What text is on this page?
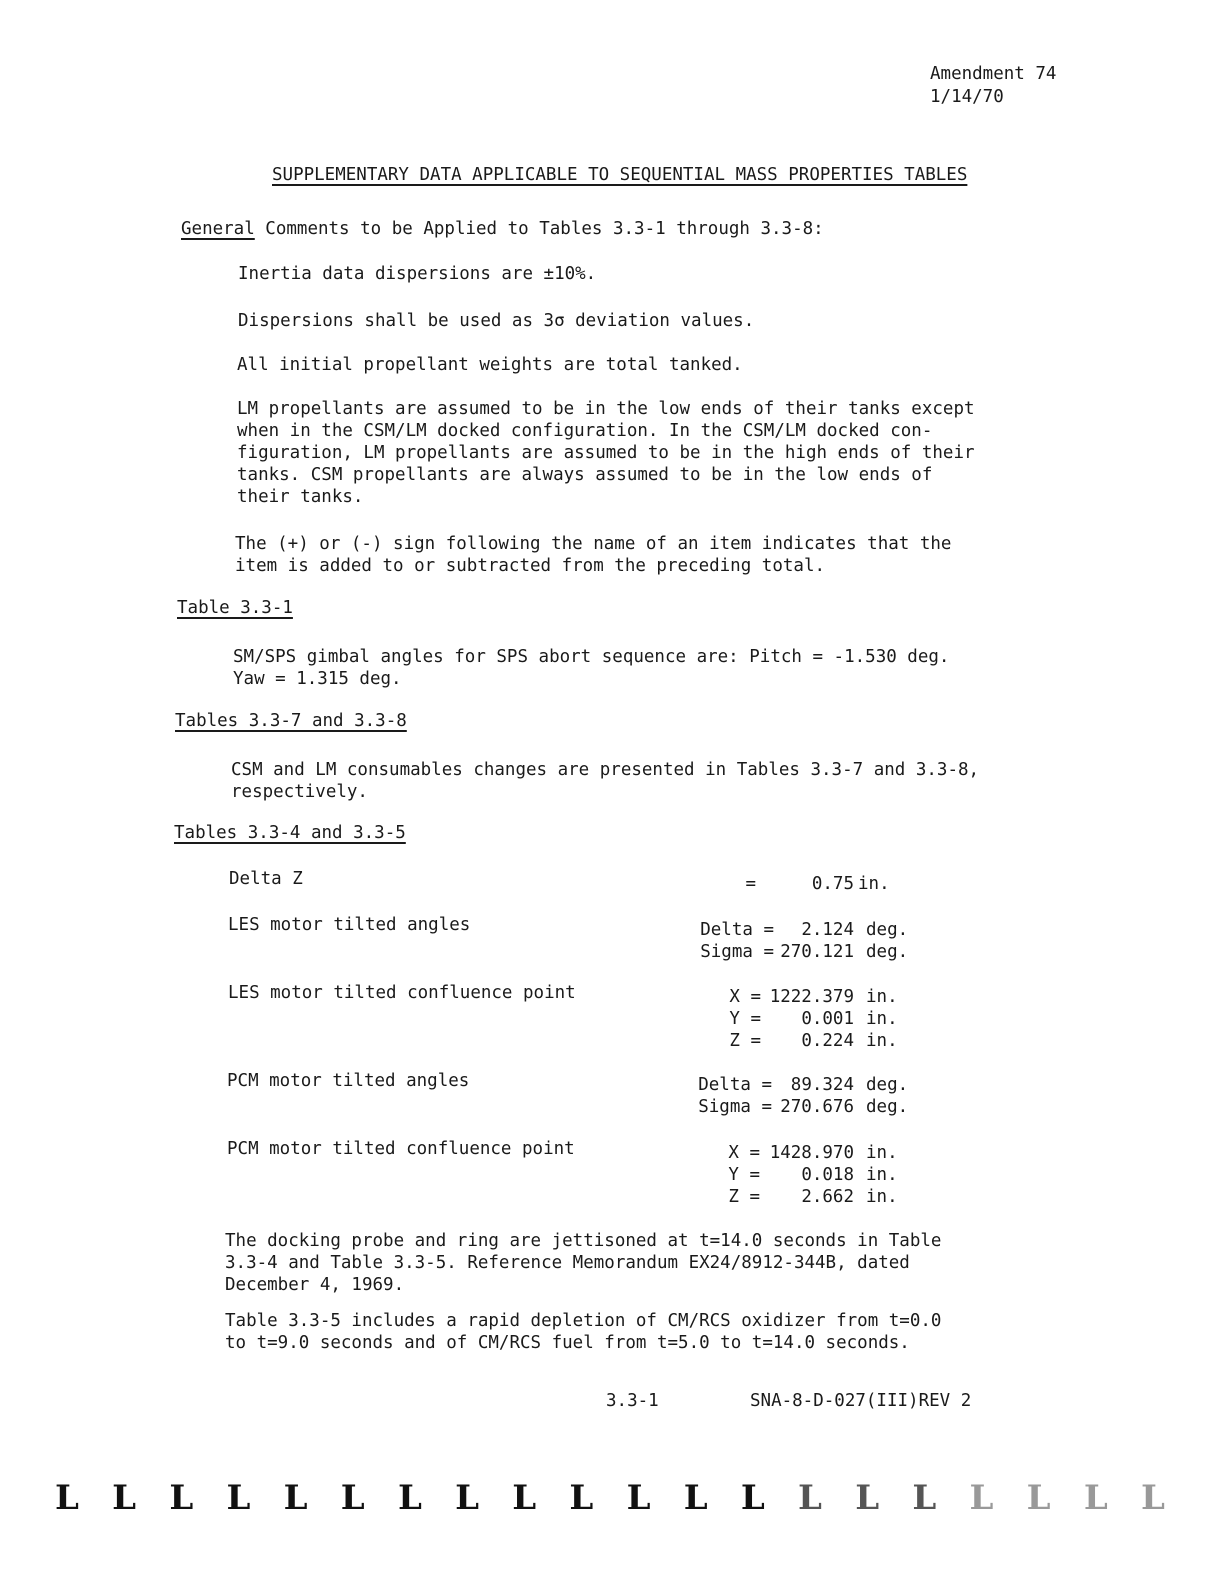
Amendment 74
1/14/70
SUPPLEMENTARY DATA APPLICABLE TO SEQUENTIAL MASS PROPERTIES TABLES
General Comments to be Applied to Tables 3.3-1 through 3.3-8:
Inertia data dispersions are ±10%.
Dispersions shall be used as 3σ deviation values.
All initial propellant weights are total tanked.
LM propellants are assumed to be in the low ends of their tanks except
when in the CSM/LM docked configuration. In the CSM/LM docked con-
figuration, LM propellants are assumed to be in the high ends of their
tanks. CSM propellants are always assumed to be in the low ends of
their tanks.
The (+) or (-) sign following the name of an item indicates that the
item is added to or subtracted from the preceding total.
Table 3.3-1
SM/SPS gimbal angles for SPS abort sequence are: Pitch = -1.530 deg.
Yaw = 1.315 deg.
Tables 3.3-7 and 3.3-8
CSM and LM consumables changes are presented in Tables 3.3-7 and 3.3-8,
respectively.
Tables 3.3-4 and 3.3-5
Delta Z	=	0.75 in.
LES motor tilted angles	Delta = 2.124 deg.
Sigma = 270.121 deg.
LES motor tilted confluence point	X = 1222.379 in.
Y = 0.001 in.
Z = 0.224 in.
PCM motor tilted angles	Delta = 89.324 deg.
Sigma = 270.676 deg.
PCM motor tilted confluence point	X = 1428.970 in.
Y = 0.018 in.
Z = 2.662 in.
The docking probe and ring are jettisoned at t=14.0 seconds in Table
3.3-4 and Table 3.3-5. Reference Memorandum EX24/8912-344B, dated
December 4, 1969.
Table 3.3-5 includes a rapid depletion of CM/RCS oxidizer from t=0.0
to t=9.0 seconds and of CM/RCS fuel from t=5.0 to t=14.0 seconds.
3.3-1	SNA-8-D-027(III)REV 2
L L L L L L L L L L L L L L L L L L L L
